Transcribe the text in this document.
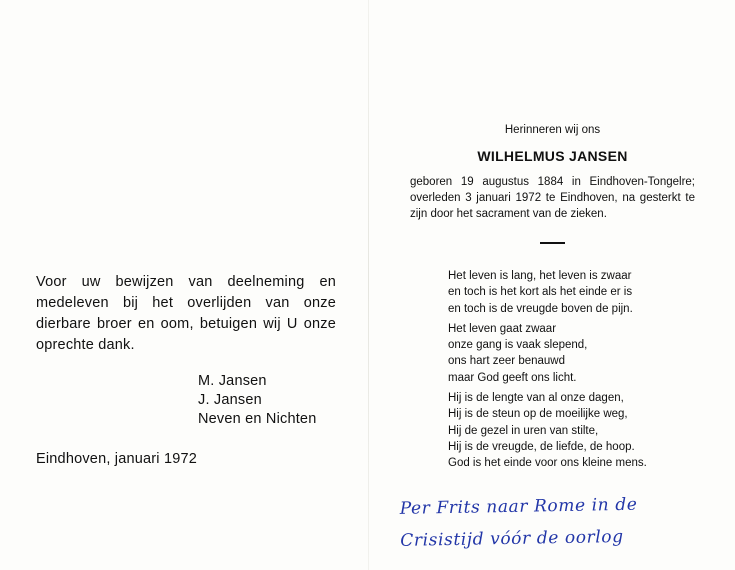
Voor uw bewijzen van deelneming en medeleven bij het overlijden van onze dierbare broer en oom, betuigen wij U onze oprechte dank.

M. Jansen
J. Jansen
Neven en Nichten
Eindhoven, januari 1972

Herinneren wij ons

WILHELMUS JANSEN

geboren 19 augustus 1884 in Eindhoven-Tongelre; overleden 3 januari 1972 te Eindhoven, na gesterkt te zijn door het sacrament van de zieken.

Het leven is lang, het leven is zwaar
en toch is het kort als het einde er is
en toch is de vreugde boven de pijn.
Het leven gaat zwaar
onze gang is vaak slepend,
ons hart zeer benauwd
maar God geeft ons licht.
Hij is de lengte van al onze dagen,
Hij is de steun op de moeilijke weg,
Hij de gezel in uren van stilte,
Hij is de vreugde, de liefde, de hoop.
God is het einde voor ons kleine mens.
Per Frits naar Rome in de
Crisistijd vóór de oorlog
